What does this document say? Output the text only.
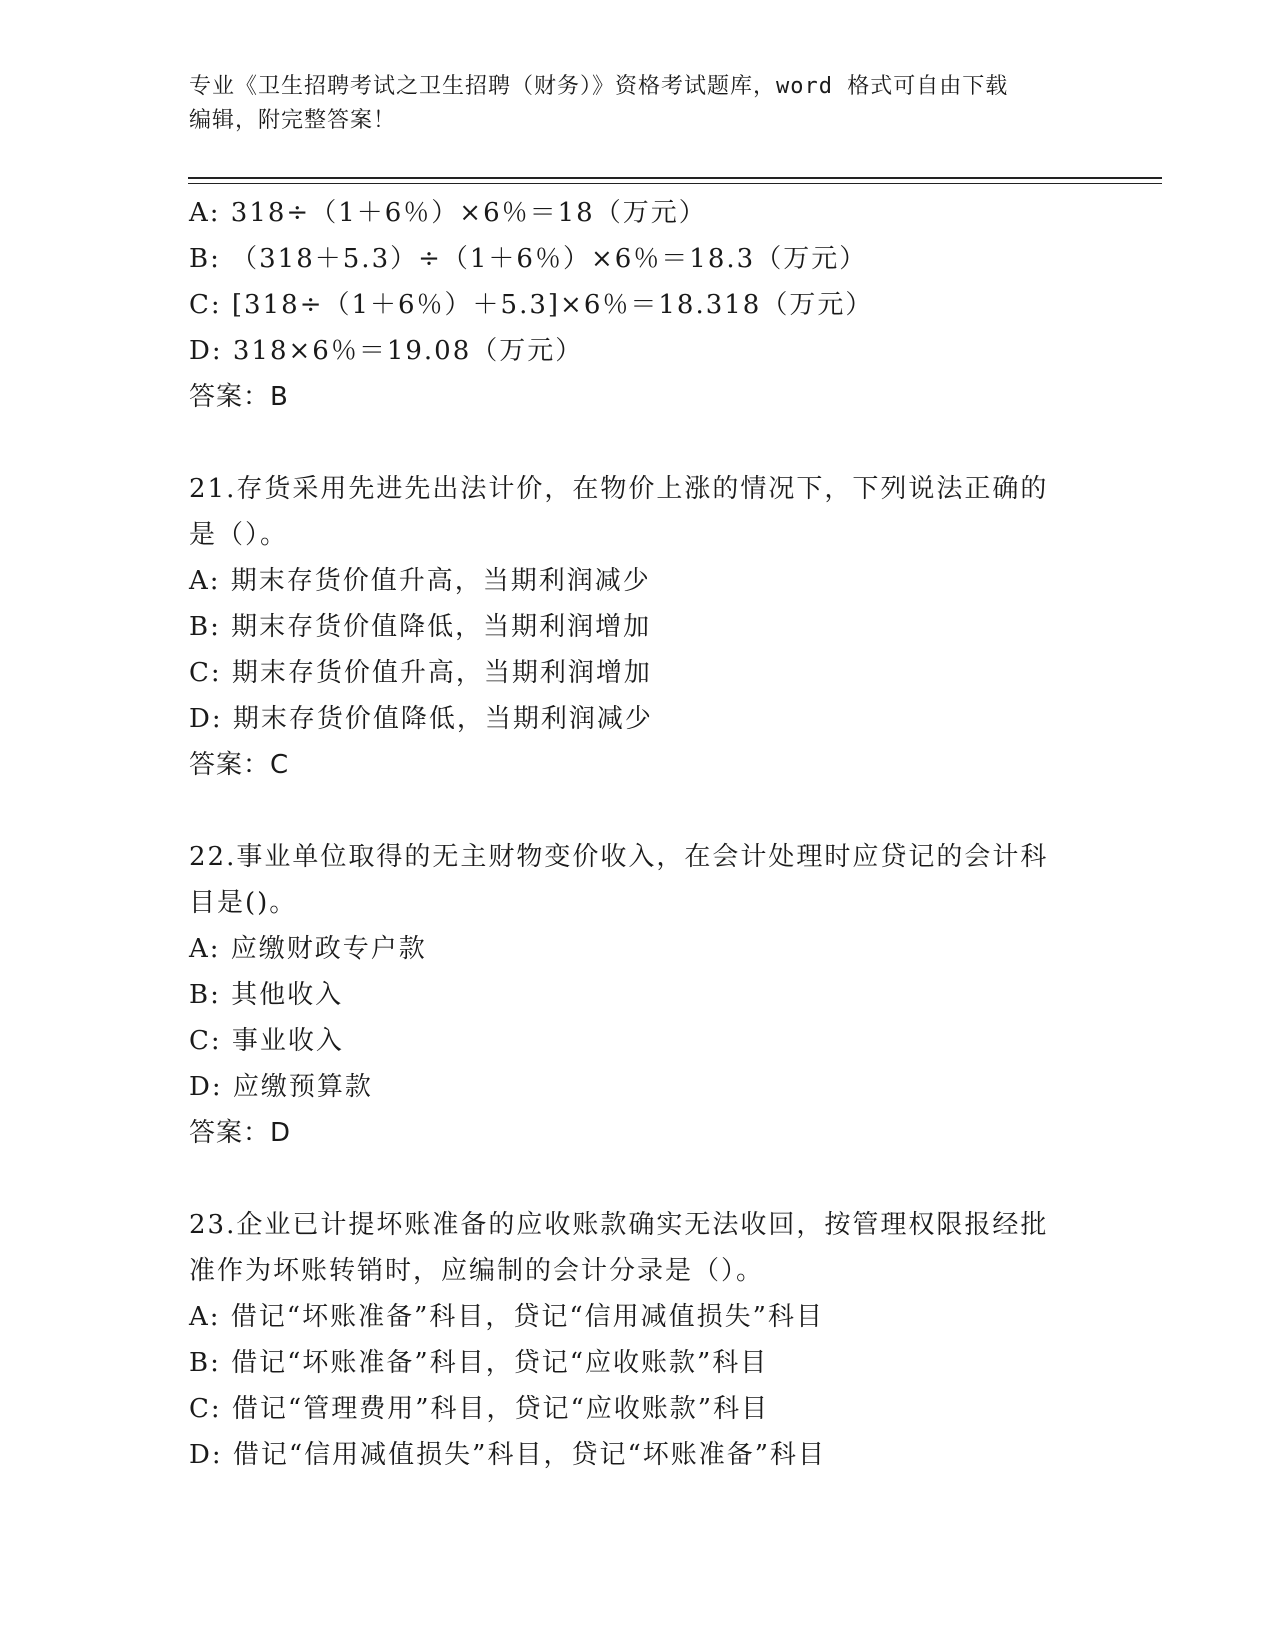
专业《卫生招聘考试之卫生招聘（财务）》资格考试题库，word 格式可自由下载
编辑，附完整答案！
A: 318÷（1＋6％）×6％＝18（万元）
B: （318＋5.3）÷（1＋6％）×6％＝18.3（万元）
C: [318÷（1＋6％）＋5.3]×6％＝18.318（万元）
D: 318×6％＝19.08（万元）
答案：B
21.存货采用先进先出法计价，在物价上涨的情况下，下列说法正确的
是（）。
A: 期末存货价值升高，当期利润减少
B: 期末存货价值降低，当期利润增加
C: 期末存货价值升高，当期利润增加
D: 期末存货价值降低，当期利润减少
答案：C
22.事业单位取得的无主财物变价收入，在会计处理时应贷记的会计科
目是()。
A: 应缴财政专户款
B: 其他收入
C: 事业收入
D: 应缴预算款
答案：D
23.企业已计提坏账准备的应收账款确实无法收回，按管理权限报经批
准作为坏账转销时，应编制的会计分录是（）。
A: 借记“坏账准备”科目，贷记“信用减值损失”科目
B: 借记“坏账准备”科目，贷记“应收账款”科目
C: 借记“管理费用”科目，贷记“应收账款”科目
D: 借记“信用减值损失”科目，贷记“坏账准备”科目
